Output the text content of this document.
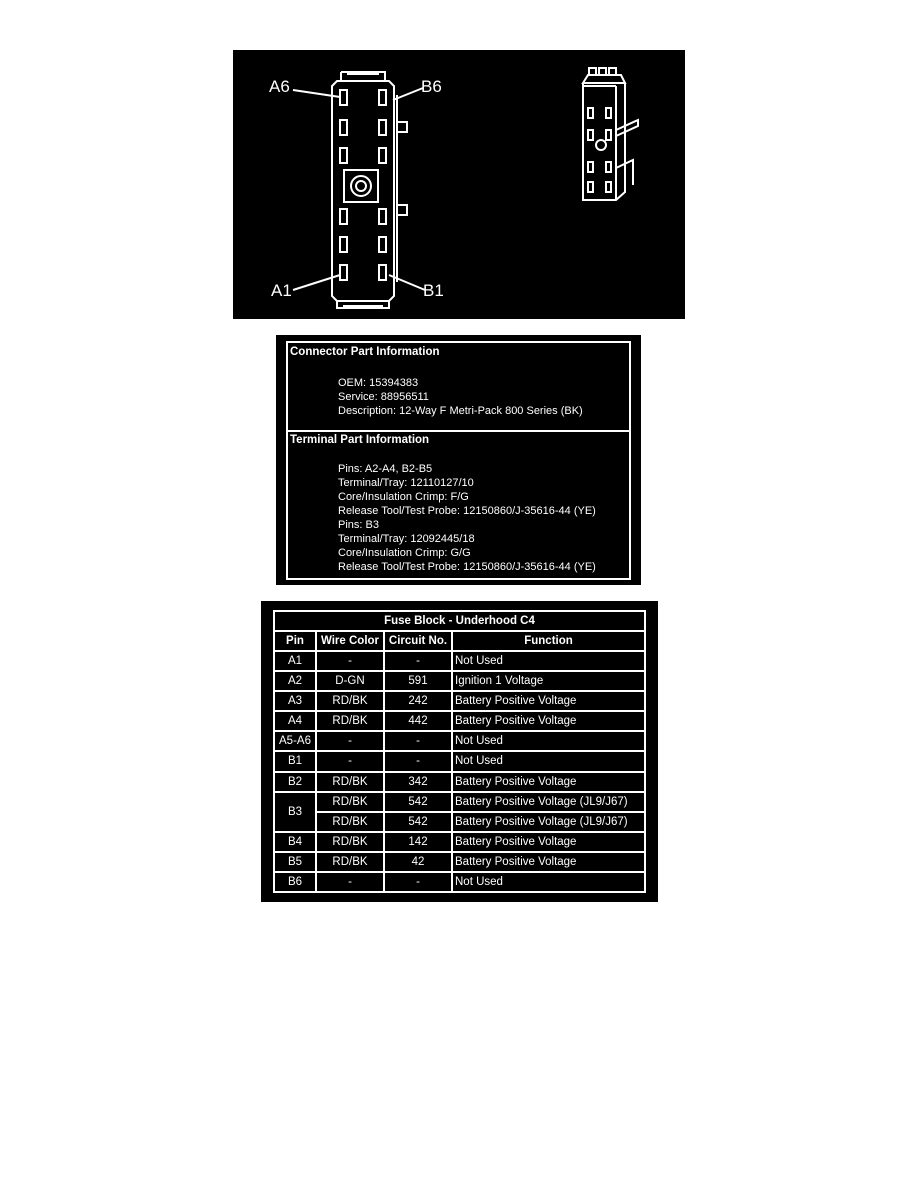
A6	B6
A1	B1
Connector Part Information
OEM: 15394383
Service: 88956511
Description: 12-Way F Metri-Pack 800 Series (BK)
Terminal Part Information
Pins: A2-A4, B2-B5
Terminal/Tray: 12110127/10
Core/Insulation Crimp: F/G
Release Tool/Test Probe: 12150860/J-35616-44 (YE)
Pins: B3
Terminal/Tray: 12092445/18
Core/Insulation Crimp: G/G
Release Tool/Test Probe: 12150860/J-35616-44 (YE)
Fuse Block - Underhood C4			
Pin	Wire Color	Circuit No.	Function
A1	-	-	Not Used
A2	D-GN	591	Ignition 1 Voltage
A3	RD/BK	242	Battery Positive Voltage
A4	RD/BK	442	Battery Positive Voltage
A5-A6	-	-	Not Used
B1	-	-	Not Used
B2	RD/BK	342	Battery Positive Voltage
B3	RD/BK	542	Battery Positive Voltage (JL9/J67)
	RD/BK	542	Battery Positive Voltage (JL9/J67)
B4	RD/BK	142	Battery Positive Voltage
B5	RD/BK	42	Battery Positive Voltage
B6	-	-	Not Used
